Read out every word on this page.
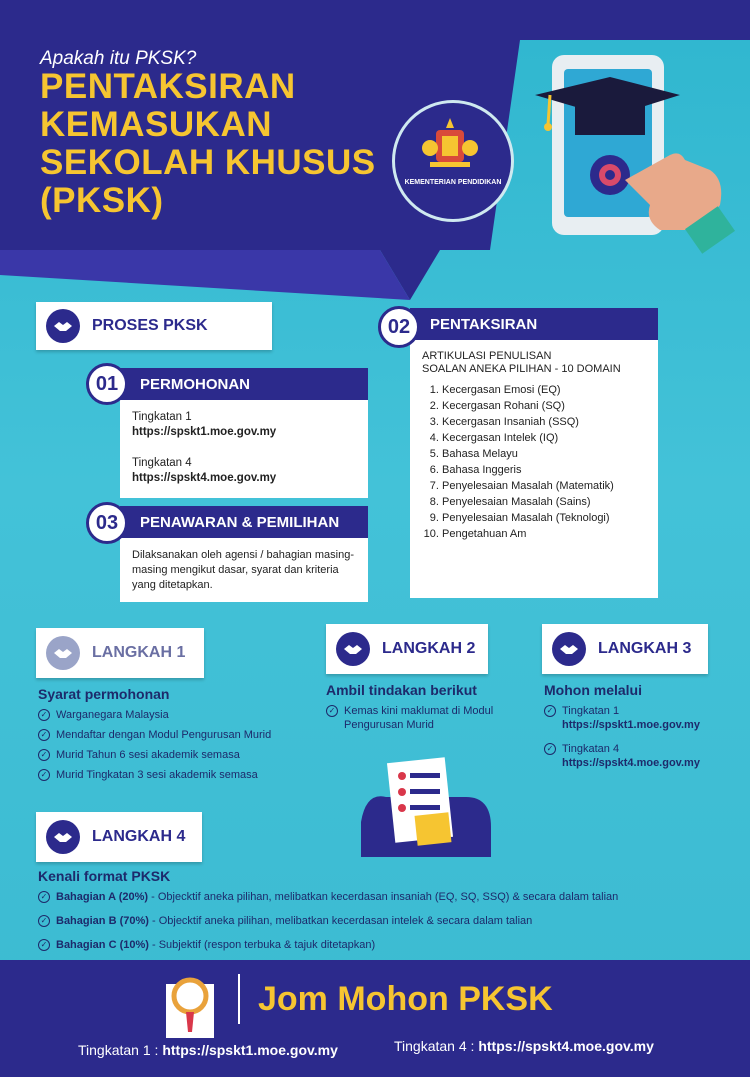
Apakah itu PKSK?
PENTAKSIRAN
KEMASUKAN
SEKOLAH KHUSUS
(PKSK)	KEMENTERIAN PENDIDIKAN
PROSES PKSK
PERMOHONAN
Tingkatan 1
https://spskt1.moe.gov.my
Tingkatan 4
https://spskt4.moe.gov.my
01
PENAWARAN & PEMILIHAN
Dilaksanakan oleh agensi / bahagian masing-masing mengikut dasar, syarat dan kriteria yang ditetapkan.
03
PENTAKSIRAN
ARTIKULASI PENULISAN
SOALAN ANEKA PILIHAN - 10 DOMAIN
1. Kecergasan Emosi (EQ)
2. Kecergasan Rohani (SQ)
3. Kecergasan Insaniah (SSQ)
4. Kecergasan Intelek (IQ)
5. Bahasa Melayu
6. Bahasa Inggeris
7. Penyelesaian Masalah (Matematik)
8. Penyelesaian Masalah (Sains)
9. Penyelesaian Masalah (Teknologi)
10. Pengetahuan Am
02
LANGKAH 1
Syarat permohonan
✓ Warganegara Malaysia
✓ Mendaftar dengan Modul Pengurusan Murid
✓ Murid Tahun 6 sesi akademik semasa
✓ Murid Tingkatan 3 sesi akademik semasa
LANGKAH 2
Ambil tindakan berikut
✓ Kemas kini maklumat di Modul Pengurusan Murid
LANGKAH 3
Mohon melalui
✓ Tingkatan 1
https://spskt1.moe.gov.my
✓ Tingkatan 4
https://spskt4.moe.gov.my
LANGKAH 4
Kenali format PKSK
✓ Bahagian A (20%) - Objecktif aneka pilihan, melibatkan kecerdasan insaniah (EQ, SQ, SSQ) & secara dalam talian
✓ Bahagian B (70%) - Objecktif aneka pilihan, melibatkan kecerdasan intelek & secara dalam talian
✓ Bahagian C (10%) - Subjektif (respon terbuka & tajuk ditetapkan)
Jom Mohon PKSK
Tingkatan 1 : https://spskt1.moe.gov.my	Tingkatan 4 : https://spskt4.moe.gov.my
